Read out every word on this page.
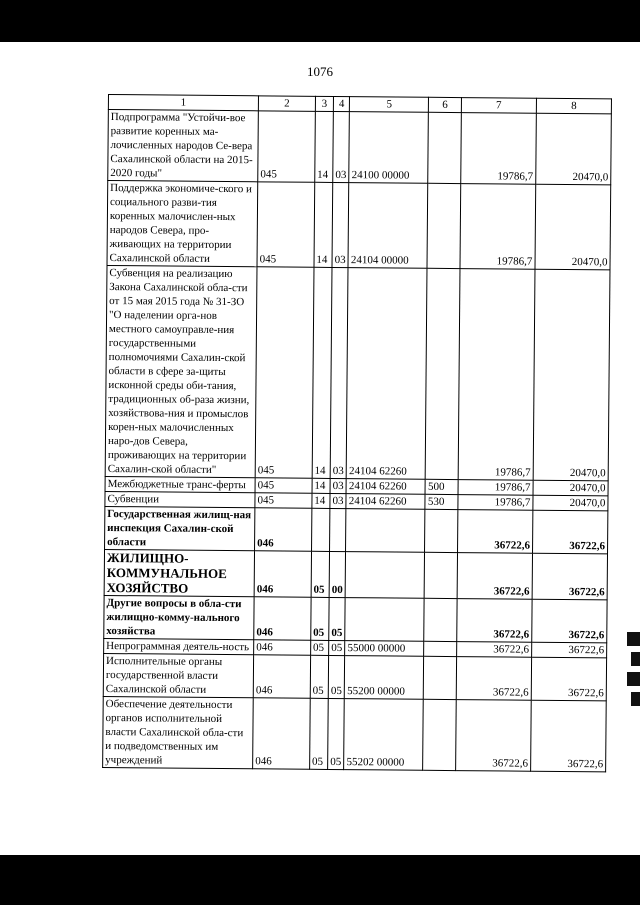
1076
1	2	3	4	5	6	7	8
Подпрограмма "Устойчи-вое развитие коренных ма-лочисленных народов Се-вера Сахалинской области на 2015-2020 годы"	045	14	03	24100 00000		19786,7	20470,0
Поддержка экономиче-ского и социального разви-тия коренных малочислен-ных народов Севера, про-живающих на территории Сахалинской области	045	14	03	24104 00000		19786,7	20470,0
Субвенция на реализацию Закона Сахалинской обла-сти от 15 мая 2015 года № 31-ЗО "О наделении орга-нов местного самоуправле-ния государственными полномочиями Сахалин-ской области в сфере за-щиты исконной среды оби-тания, традиционных об-раза жизни, хозяйствова-ния и промыслов корен-ных малочисленных наро-дов Севера, проживающих на территории Сахалин-ской области"	045	14	03	24104 62260		19786,7	20470,0
Межбюджетные транс-ферты	045	14	03	24104 62260	500	19786,7	20470,0
Субвенции	045	14	03	24104 62260	530	19786,7	20470,0
Государственная жилищ-ная инспекция Сахалин-ской области	046					36722,6	36722,6
ЖИЛИЩНО-КОММУНАЛЬНОЕ ХОЗЯЙСТВО	046	05	00			36722,6	36722,6
Другие вопросы в обла-сти жилищно-комму-нального хозяйства	046	05	05			36722,6	36722,6
Непрограммная деятель-ность	046	05	05	55000 00000		36722,6	36722,6
Исполнительные органы государственной власти Сахалинской области	046	05	05	55200 00000		36722,6	36722,6
Обеспечение деятельности органов исполнительной власти Сахалинской обла-сти и подведомственных им учреждений	046	05	05	55202 00000		36722,6	36722,6
